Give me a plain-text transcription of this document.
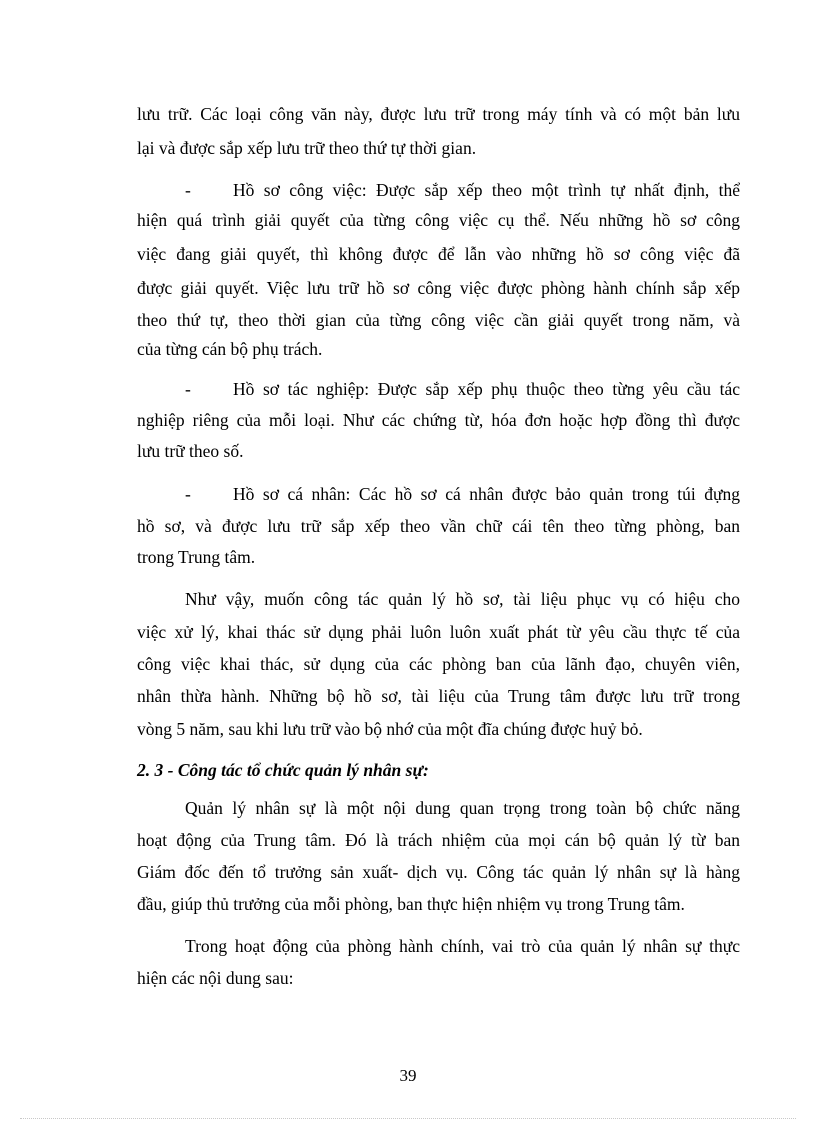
lưu trữ. Các loại công văn này, được lưu trữ trong máy tính và có một bản lưu
lại và được sắp xếp lưu trữ theo thứ tự thời gian.
- Hồ sơ công việc: Được sắp xếp theo một trình tự nhất định, thể
hiện quá trình giải quyết của từng công việc cụ thể. Nếu những hồ sơ công
việc đang giải quyết, thì không được để lẫn vào những hồ sơ công việc đã
được giải quyết. Việc lưu trữ hồ sơ công việc được phòng hành chính sắp xếp
theo thứ tự, theo thời gian của từng công việc cần giải quyết trong năm, và
của từng cán bộ phụ trách.
- Hồ sơ tác nghiệp: Được sắp xếp phụ thuộc theo từng yêu cầu tác
nghiệp riêng của mỗi loại. Như các chứng từ, hóa đơn hoặc hợp đồng thì được
lưu trữ theo số.
- Hồ sơ cá nhân: Các hồ sơ cá nhân được bảo quản trong túi đựng
hồ sơ, và được lưu trữ sắp xếp theo vần chữ cái tên theo từng phòng, ban
trong Trung tâm.
Như vậy, muốn công tác quản lý hồ sơ, tài liệu phục vụ có hiệu cho
việc xử lý, khai thác sử dụng phải luôn luôn xuất phát từ yêu cầu thực tế của
công việc khai thác, sử dụng của các phòng ban của lãnh đạo, chuyên viên,
nhân thừa hành. Những bộ hồ sơ, tài liệu của Trung tâm được lưu trữ trong
vòng 5 năm, sau khi lưu trữ vào bộ nhớ của một đĩa chúng được huỷ bỏ.
2. 3 - Công tác tổ chức quản lý nhân sự:
Quản lý nhân sự là một nội dung quan trọng trong toàn bộ chức năng
hoạt động của Trung tâm. Đó là trách nhiệm của mọi cán bộ quản lý từ ban
Giám đốc đến tổ trưởng sản xuất- dịch vụ. Công tác quản lý nhân sự là hàng
đầu, giúp thủ trưởng của mỗi phòng, ban thực hiện nhiệm vụ trong Trung tâm.
Trong hoạt động của phòng hành chính, vai trò của quản lý nhân sự thực
hiện các nội dung sau:
39
